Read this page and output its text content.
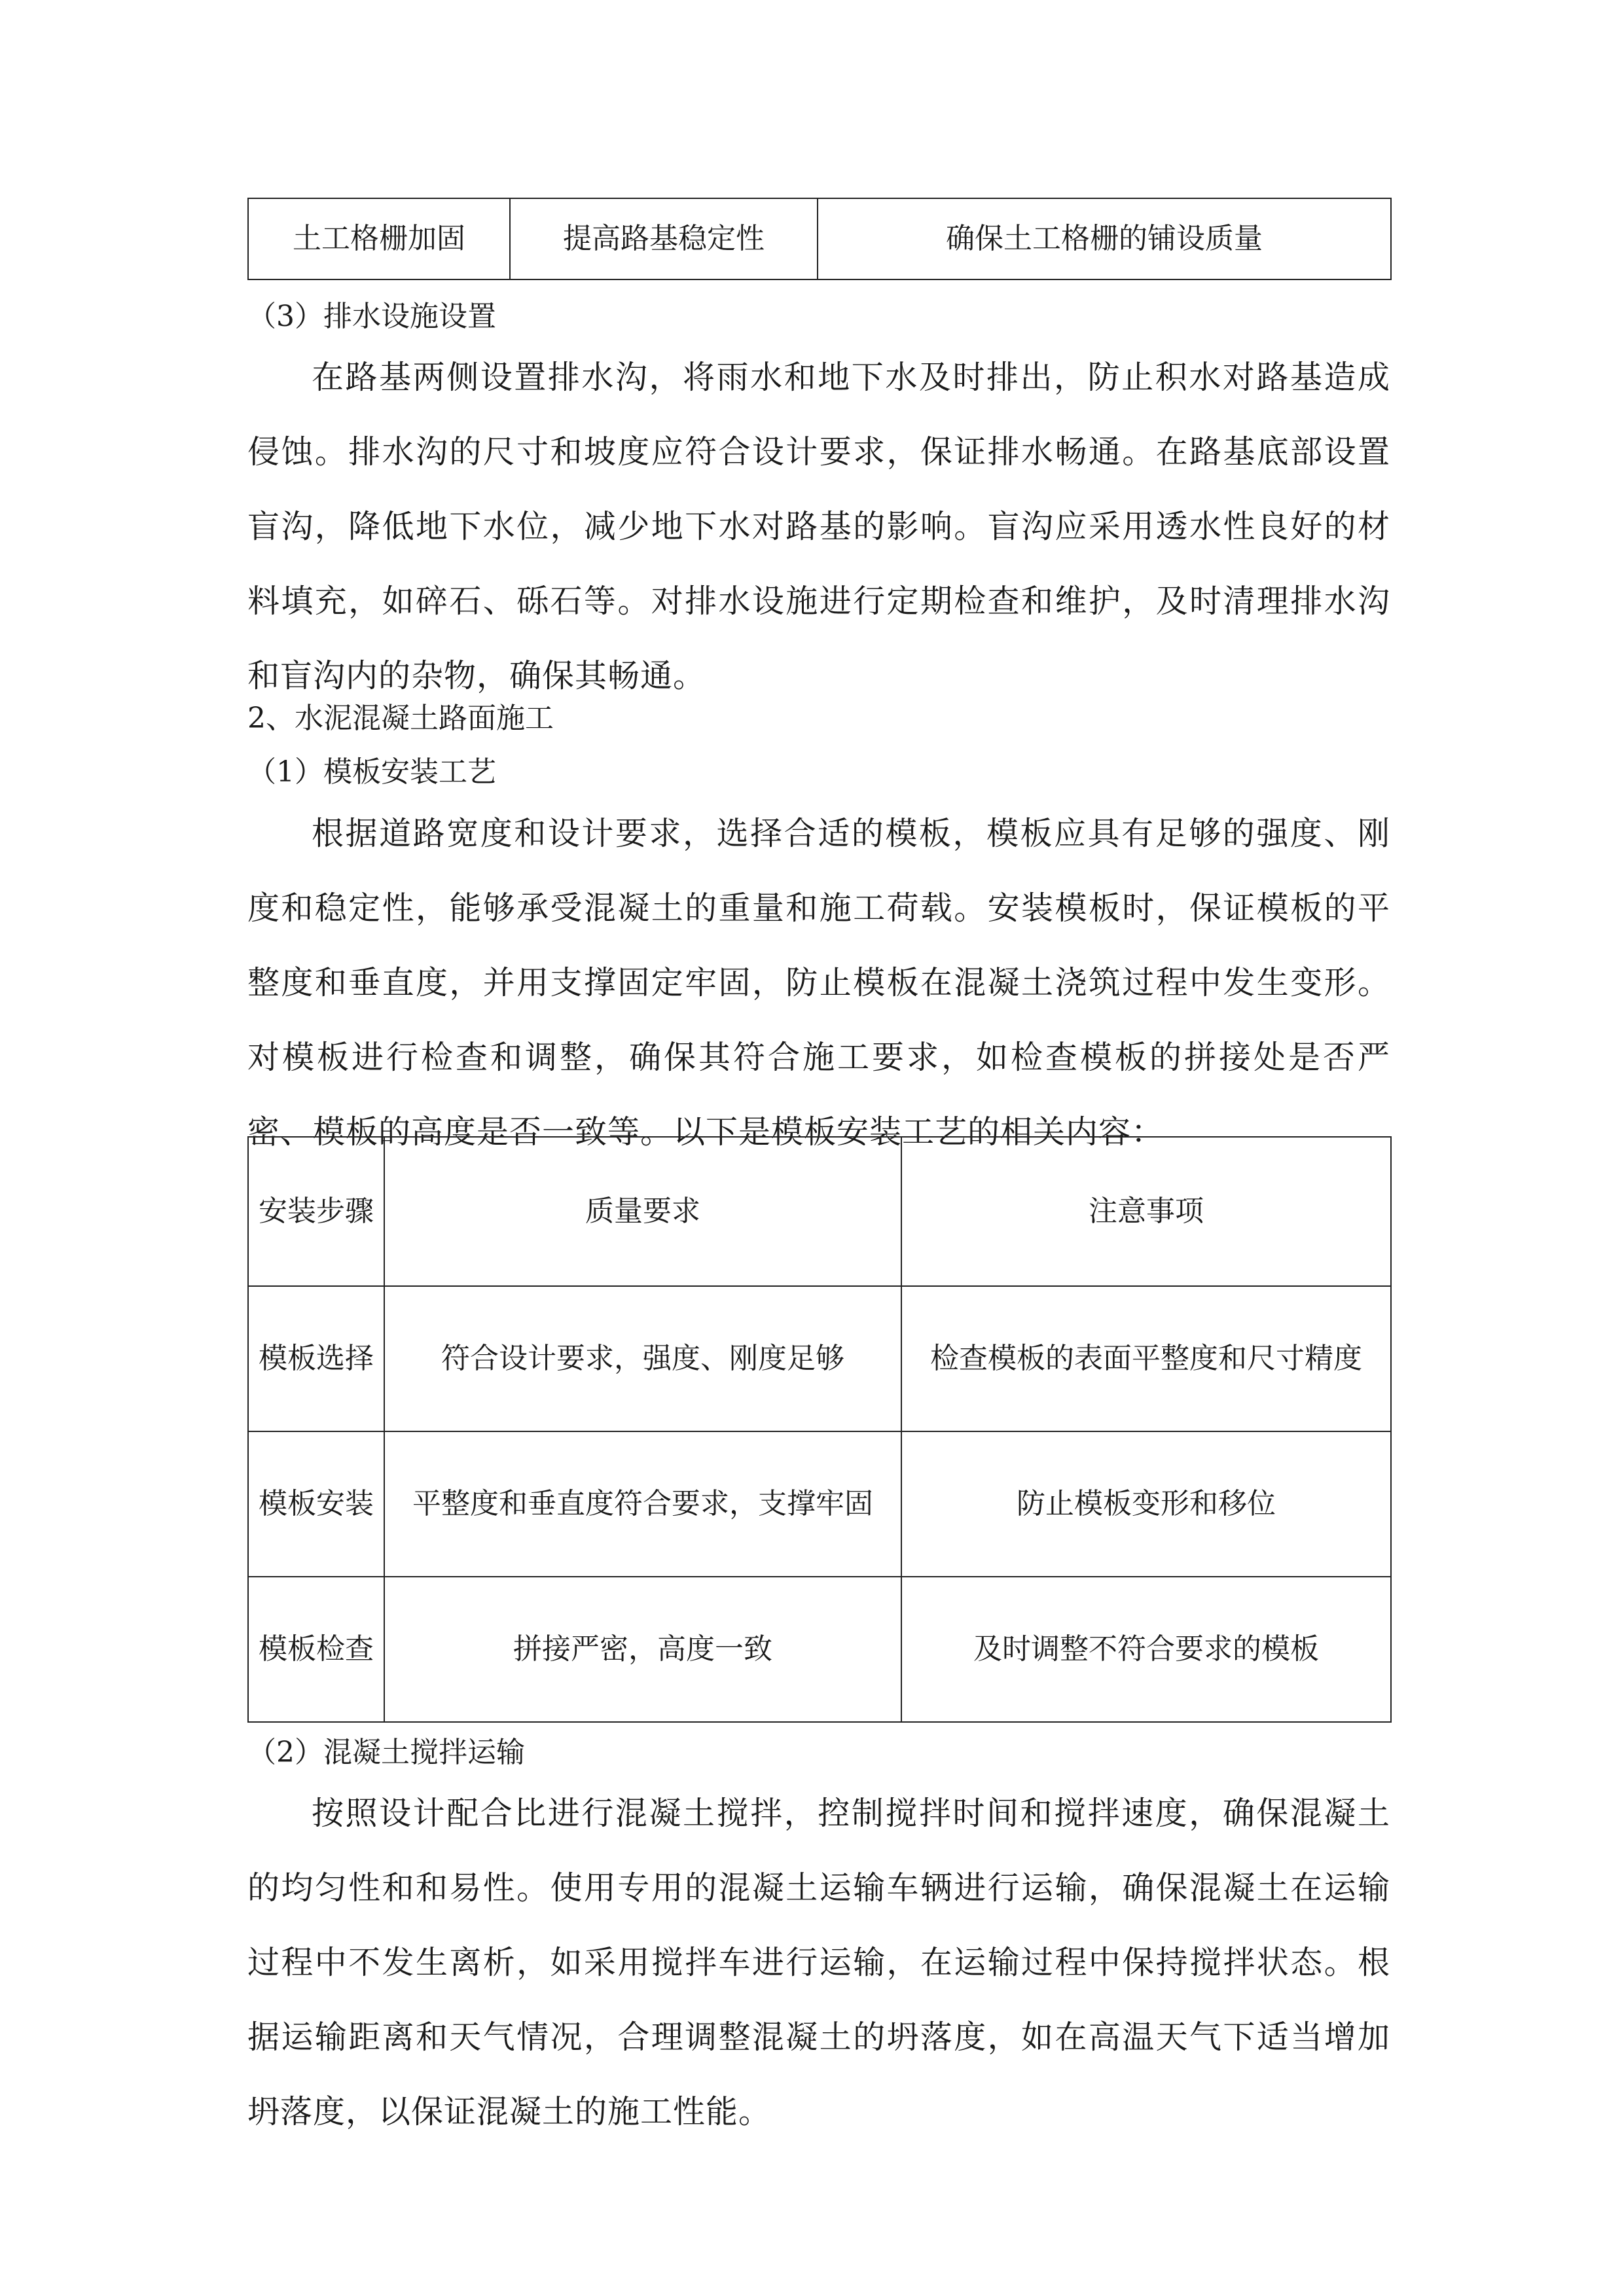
土工格栅加固	提高路基稳定性	确保土工格栅的铺设质量
（3）排水设施设置
在路基两侧设置排水沟，将雨水和地下水及时排出，防止积水对路基造成侵蚀。排水沟的尺寸和坡度应符合设计要求，保证排水畅通。在路基底部设置盲沟，降低地下水位，减少地下水对路基的影响。盲沟应采用透水性良好的材料填充，如碎石、砾石等。对排水设施进行定期检查和维护，及时清理排水沟和盲沟内的杂物，确保其畅通。
2、水泥混凝土路面施工
（1）模板安装工艺
根据道路宽度和设计要求，选择合适的模板，模板应具有足够的强度、刚度和稳定性，能够承受混凝土的重量和施工荷载。安装模板时，保证模板的平整度和垂直度，并用支撑固定牢固，防止模板在混凝土浇筑过程中发生变形。对模板进行检查和调整，确保其符合施工要求，如检查模板的拼接处是否严密、模板的高度是否一致等。以下是模板安装工艺的相关内容：
安装步骤	质量要求	注意事项
模板选择	符合设计要求，强度、刚度足够	检查模板的表面平整度和尺寸精度
模板安装	平整度和垂直度符合要求，支撑牢固	防止模板变形和移位
模板检查	拼接严密，高度一致	及时调整不符合要求的模板
（2）混凝土搅拌运输
按照设计配合比进行混凝土搅拌，控制搅拌时间和搅拌速度，确保混凝土的均匀性和和易性。使用专用的混凝土运输车辆进行运输，确保混凝土在运输过程中不发生离析，如采用搅拌车进行运输，在运输过程中保持搅拌状态。根据运输距离和天气情况，合理调整混凝土的坍落度，如在高温天气下适当增加坍落度，以保证混凝土的施工性能。
